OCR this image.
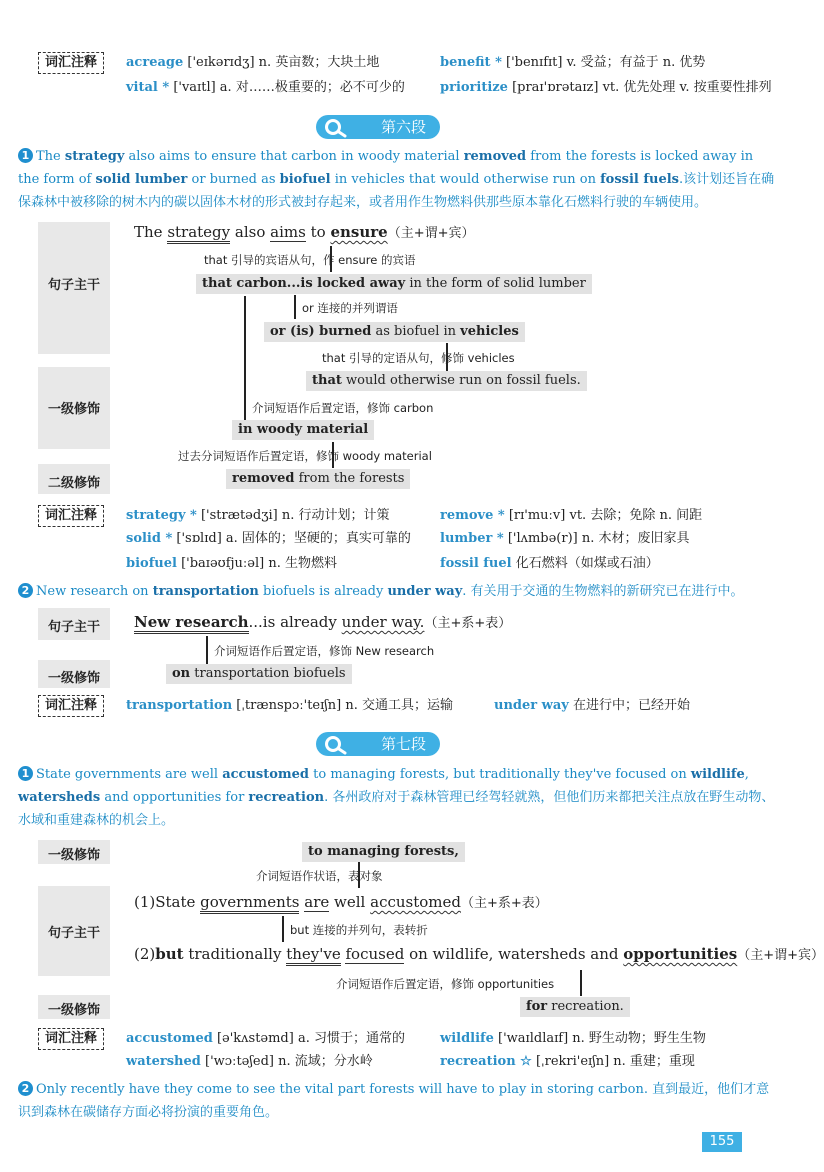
词汇注释	acreage ['eɪkərɪdʒ] n. 英亩数；大块土地	benefit * ['benɪfɪt] v. 受益；有益于 n. 优势
vital * ['vaɪtl] a. 对……极重要的；必不可少的	prioritize [praɪ'ɒrətaɪz] vt. 优先处理 v. 按重要性排列
第六段
1 The strategy also aims to ensure that carbon in woody material removed from the forests is locked away in the form of solid lumber or burned as biofuel in vehicles that would otherwise run on fossil fuels.该计划还旨在确保森林中被移除的树木内的碳以固体木材的形式被封存起来，或者用作生物燃料供那些原本靠化石燃料行驶的车辆使用。
句子主干
一级修饰
二级修饰
The strategy also aims to ensure（主+谓+宾）
that 引导的宾语从句，作 ensure 的宾语
that carbon...is locked away in the form of solid lumber
or 连接的并列谓语
or (is) burned as biofuel in vehicles
that 引导的定语从句，修饰 vehicles
that would otherwise run on fossil fuels.
介词短语作后置定语，修饰 carbon
in woody material
过去分词短语作后置定语，修饰 woody material
removed from the forests
词汇注释	strategy * ['strætədʒi] n. 行动计划；计策	remove * [rɪ'muːv] vt. 去除；免除 n. 间距
solid * ['sɒlɪd] a. 固体的；坚硬的；真实可靠的 lumber * ['lʌmbə(r)] n. 木材；废旧家具
biofuel ['baɪəʊfjuːəl] n. 生物燃料	fossil fuel 化石燃料（如煤或石油）
2 New research on transportation biofuels is already under way. 有关用于交通的生物燃料的新研究已在进行中。
句子主干
一级修饰
New research...is already under way.（主+系+表）
介词短语作后置定语，修饰 New research
on transportation biofuels
词汇注释	transportation [ˌtrænspɔː'teɪʃn] n. 交通工具；运输	under way 在进行中；已经开始
第七段
1 State governments are well accustomed to managing forests, but traditionally they've focused on wildlife, watersheds and opportunities for recreation. 各州政府对于森林管理已经驾轻就熟，但他们历来都把关注点放在野生动物、水域和重建森林的机会上。
一级修饰
句子主干
一级修饰
to managing forests,
介词短语作状语，表对象
(1)State governments are well accustomed（主+系+表）
but 连接的并列句，表转折
(2)but traditionally they've focused on wildlife, watersheds and opportunities（主+谓+宾）
介词短语作后置定语，修饰 opportunities
for recreation.
词汇注释	accustomed [ə'kʌstəmd] a. 习惯于；通常的	wildlife ['waɪldlaɪf] n. 野生动物；野生生物
watershed ['wɔːtəʃed] n. 流域；分水岭	recreation ☆ [ˌrekri'eɪʃn] n. 重建；重现
2 Only recently have they come to see the vital part forests will have to play in storing carbon. 直到最近，他们才意识到森林在碳储存方面必将扮演的重要角色。
155
